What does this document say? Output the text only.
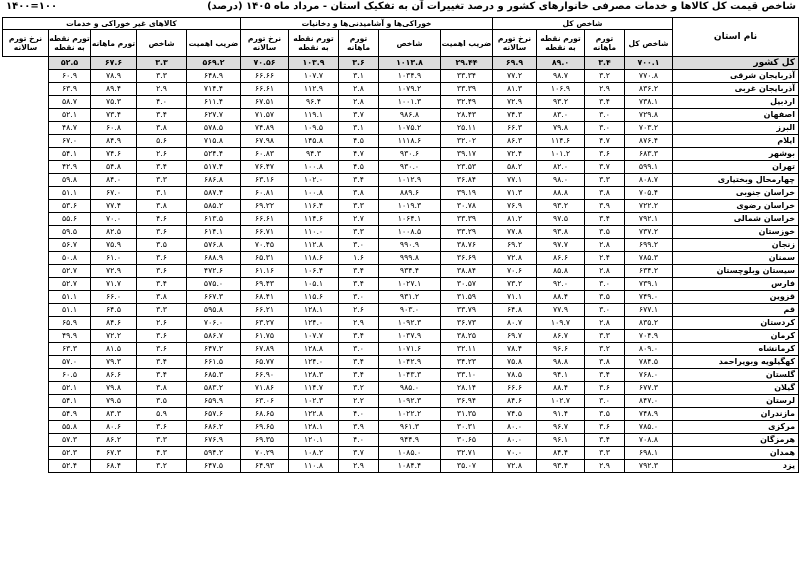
شاخص قیمت کل کالاها و خدمات مصرفی خانوارهای کشور و درصد تغییرات آن به تفکیک استان - مرداد ماه ۱۴۰۵ (درصد)
۱۴۰۰=۱۰۰
نام استان	شاخص کل				خوراکی‌ها و آشامیدنی‌ها و دخانیات					کالاهای غیر خوراکی و خدمات				
	شاخص کل	تورم ماهانه	تورم نقطه به نقطه	نرخ تورم سالانه	ضریب اهمیت	شاخص	تورم ماهانه	تورم نقطه به نقطه	نرخ تورم سالانه	ضریب اهمیت	شاخص	تورم ماهانه	تورم نقطه به نقطه	نرخ تورم سالانه
کل کشور	۷۰۰.۱	۳.۴	۸۹.۰	۶۹.۹	۲۹.۴۴	۱۰۱۳.۸	۳.۶	۱۰۳.۹	۷۰.۵۶	۵۶۹.۲	۳.۳	۶۷.۶	۵۲.۵	
آذربایجان شرقی	۷۷۰.۸	۳.۲	۹۸.۷	۷۷.۲	۳۳.۳۴	۱۰۳۴.۹	۳.۱	۱۰۷.۷	۶۶.۶۶	۶۴۸.۹	۳.۳	۷۸.۹	۶۰.۹	
آذربایجان غربی	۸۳۶.۲	۲.۹	۱۰۶.۹	۸۱.۳	۳۳.۳۹	۱۰۷۹.۲	۲.۸	۱۱۲.۹	۶۶.۶۱	۷۱۴.۴	۲.۹	۸۹.۴	۶۳.۹	
اردبیل	۷۳۸.۱	۳.۴	۹۳.۲	۷۲.۹	۳۲.۴۹	۱۰۰۱.۳	۲.۸	۹۶.۴	۶۷.۵۱	۶۱۱.۴	۴.۰	۷۵.۳	۵۸.۷	
اصفهان	۷۲۹.۸	۳.۰	۸۳.۰	۷۴.۳	۲۸.۴۳	۹۸۶.۸	۳.۷	۱۱۹.۱	۷۱.۵۷	۶۲۷.۷	۳.۴	۷۳.۴	۵۲.۱	
البرز	۷۰۳.۲	۳.۰	۷۹.۸	۶۶.۳	۲۵.۱۱	۱۰۷۵.۲	۳.۱	۱۰۹.۵	۷۴.۸۹	۵۷۸.۵	۳.۸	۶۰.۸	۴۸.۷	
ایلام	۸۷۶.۴	۴.۷	۱۱۴.۶	۸۶.۳	۳۲.۰۲	۱۱۱۸.۶	۴.۵	۱۴۵.۸	۶۷.۹۸	۷۱۵.۸	۵.۶	۸۴.۹	۶۷.۰	
بوشهر	۶۸۳.۳	۳.۶	۱۰۱.۲	۷۲.۴	۳۹.۱۷	۹۳۰.۶	۴.۷	۹۴.۳	۶۰.۸۳	۵۲۴.۴	۲.۶	۷۴.۶	۵۴.۱	
تهران	۵۹۹.۱	۳.۷	۸۲.۰	۵۸.۲	۲۳.۵۳	۹۳۰.۰	۴.۵	۱۰۰.۸	۷۶.۴۷	۵۱۷.۴	۳.۴	۵۴.۸	۴۲.۹	
چهارمحال وبختیاری	۸۰۸.۷	۳.۳	۹۸.۰	۷۷.۱	۳۶.۸۴	۱۰۱۲.۹	۳.۴	۱۰۲.۰	۶۳.۱۶	۶۸۶.۸	۳.۳	۸۴.۰	۵۹.۸	
خراسان جنوبی	۷۰۵.۴	۳.۸	۸۸.۸	۷۱.۳	۳۹.۱۹	۸۸۹.۶	۳.۸	۱۰۰.۸	۶۰.۸۱	۵۸۷.۴	۳.۱	۶۷.۰	۵۱.۱	
خراسان رضوی	۷۲۲.۲	۳.۹	۹۳.۲	۷۶.۹	۳۰.۷۸	۱۰۱۹.۳	۳.۳	۱۱۶.۴	۶۹.۲۲	۵۸۵.۲	۳.۸	۷۷.۴	۵۳.۶	
خراسان شمالی	۷۹۲.۱	۳.۴	۹۷.۵	۸۱.۲	۳۳.۳۹	۱۰۶۴.۱	۲.۷	۱۱۴.۶	۶۶.۶۱	۶۱۳.۵	۴.۶	۷۰.۰	۵۵.۶	
خوزستان	۷۳۷.۲	۳.۵	۹۳.۸	۷۷.۸	۳۳.۲۹	۱۰۰۸.۵	۳.۳	۱۱۰.۰	۶۶.۷۱	۶۱۴.۱	۳.۶	۸۲.۵	۵۹.۵	
زنجان	۶۹۹.۲	۲.۸	۹۷.۷	۶۹.۲	۳۸.۷۶	۹۹۰.۹	۳.۰	۱۱۲.۸	۷۰.۴۵	۵۷۶.۸	۳.۵	۷۵.۹	۵۶.۷	
سمنان	۷۸۵.۳	۲.۴	۸۶.۶	۷۲.۸	۳۶.۶۹	۹۹۹.۸	۱.۶	۱۱۸.۶	۶۵.۳۱	۶۸۸.۹	۳.۶	۶۱.۰	۵۰.۸	
سیستان وبلوچستان	۶۳۴.۲	۲.۸	۸۵.۸	۷۰.۶	۳۸.۸۴	۹۳۴.۴	۳.۴	۱۰۶.۴	۶۱.۱۶	۴۷۲.۶	۳.۶	۷۲.۹	۵۲.۷	
فارس	۷۳۹.۱	۳.۰	۹۲.۰	۷۳.۲	۳۰.۵۷	۱۰۲۷.۱	۳.۴	۱۰۵.۱	۶۹.۴۳	۵۷۵.۰	۳.۴	۷۱.۷	۵۲.۷	
قزوین	۷۴۹.۰	۳.۵	۸۸.۴	۷۱.۱	۳۱.۵۹	۹۳۱.۲	۳.۰	۱۱۵.۶	۶۸.۴۱	۶۶۷.۳	۳.۸	۶۶.۰	۵۱.۱	
قم	۶۷۷.۱	۳.۰	۷۷.۹	۶۴.۸	۳۳.۷۹	۹۰۳.۰	۲.۶	۱۲۸.۱	۶۶.۲۱	۵۹۵.۸	۳.۳	۶۴.۵	۵۱.۱	
کردستان	۸۳۵.۲	۲.۸	۱۰۹.۷	۸۰.۷	۳۶.۷۳	۱۰۹۲.۳	۲.۹	۱۲۴.۰	۶۳.۲۷	۷۰۶.۰	۲.۶	۸۴.۶	۶۵.۹	
کرمان	۷۰۴.۹	۳.۳	۸۶.۷	۶۹.۷	۳۸.۲۵	۱۰۳۷.۹	۳.۴	۱۰۷.۷	۶۱.۷۵	۵۸۶.۷	۳.۶	۷۲.۲	۴۹.۹	
کرمانشاه	۸۰۹.۰	۳.۲	۹۶.۶	۷۸.۴	۳۲.۱۱	۱۰۷۱.۶	۳.۰	۱۲۸.۸	۶۷.۸۹	۶۴۷.۲	۳.۶	۸۱.۵	۶۳.۳	
کهگیلویه وبویراحمد	۷۸۴.۵	۳.۸	۹۸.۸	۷۵.۸	۳۴.۲۳	۱۰۴۲.۹	۳.۴	۱۲۴.۰	۶۵.۷۷	۶۶۱.۵	۳.۴	۷۹.۳	۵۷.۰	
گلستان	۷۶۸.۰	۳.۴	۹۴.۱	۷۸.۵	۳۳.۱۰	۱۰۴۳.۳	۳.۴	۱۲۸.۳	۶۶.۹۰	۶۸۵.۳	۳.۴	۸۶.۶	۶۰.۵	
گیلان	۶۷۷.۳	۳.۶	۸۸.۴	۶۶.۶	۲۸.۱۴	۹۸۵.۰	۳.۲	۱۱۴.۷	۷۱.۸۶	۵۸۳.۲	۳.۸	۷۹.۸	۵۲.۱	
لرستان	۸۴۷.۰	۳.۰	۱۰۲.۷	۸۴.۶	۳۶.۹۴	۱۰۹۲.۳	۲.۲	۱۰۲.۳	۶۳.۰۶	۶۵۹.۹	۳.۵	۷۹.۵	۵۴.۱	
مازندران	۷۴۸.۹	۳.۵	۹۱.۴	۷۴.۵	۳۱.۳۵	۱۰۲۲.۲	۴.۰	۱۲۲.۸	۶۸.۶۵	۶۵۷.۶	۵.۹	۸۳.۳	۵۴.۹	
مرکزی	۷۸۵.۰	۳.۶	۹۶.۷	۸۰.۰	۳۰.۳۱	۹۶۱.۳	۳.۹	۱۲۸.۱	۶۹.۶۵	۶۸۶.۲	۳.۶	۸۰.۶	۵۵.۸	
هرمزگان	۷۰۸.۸	۳.۴	۹۶.۱	۸۰.۰	۳۰.۶۵	۹۴۴.۹	۴.۰	۱۲۰.۱	۶۹.۳۵	۶۷۶.۹	۳.۳	۸۶.۲	۵۷.۳	
همدان	۶۹۸.۱	۳.۳	۸۴.۴	۷۰.۰	۳۲.۷۱	۱۰۸۵.۰	۳.۷	۱۰۸.۲	۷۰.۲۹	۵۹۴.۲	۴.۳	۶۷.۳	۵۲.۳	
یزد	۷۹۲.۳	۲.۹	۹۳.۴	۷۲.۸	۳۵.۰۷	۱۰۸۴.۴	۲.۹	۱۱۰.۸	۶۴.۹۳	۶۴۷.۵	۳.۲	۶۸.۴	۵۲.۴	
